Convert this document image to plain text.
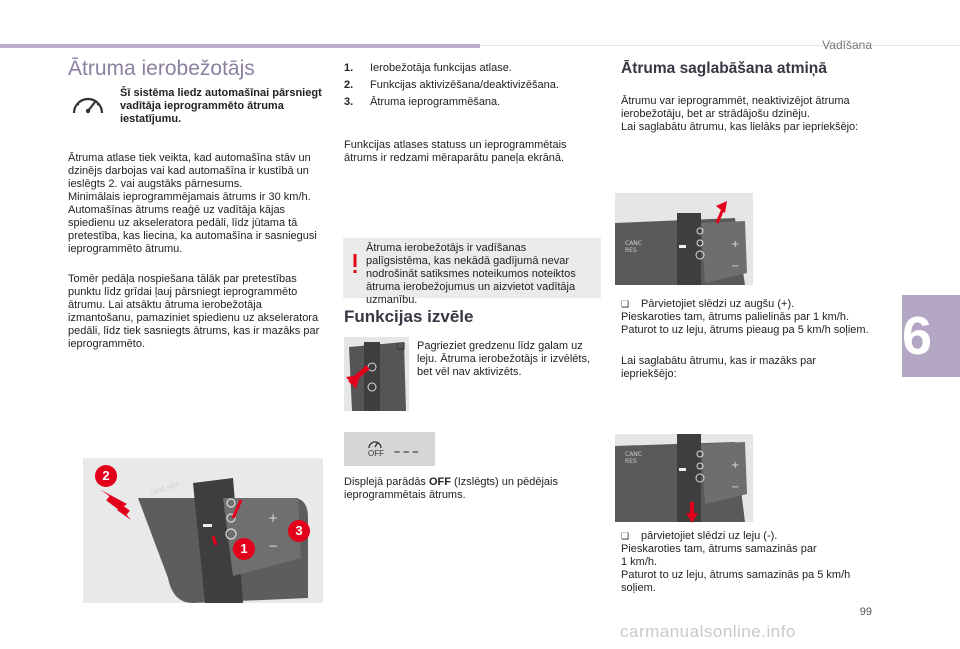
Vadīšana
6
99
carmanualsonline.info
Ātruma ierobežotājs
Šī sistēma liedz automašīnai pārsniegt vadītāja ieprogrammēto ātruma iestatījumu.
Ātruma atlase tiek veikta, kad automašīna stāv un dzinējs darbojas vai kad automašīna ir kustībā un ieslēgts 2. vai augstāks pārnesums.
Minimālais ieprogrammējamais ātrums ir 30 km/h.
Automašīnas ātrums reaģē uz vadītāja kājas spiedienu uz akseleratora pedāli, līdz jūtama tā pretestība, kas liecina, ka automašīna ir sasniegusi ieprogrammēto ātrumu.
Tomēr pedāļa nospiešana tālāk par pretestības punktu līdz grīdai ļauj pārsniegt ieprogrammēto ātrumu. Lai atsāktu ātruma ierobežotāja izmantošanu, pamaziniet spiedienu uz akseleratora pedāli, līdz tiek sasniegts ātrums, kas ir mazāks par ieprogrammēto.
+
−
2
3
1
CANC RES
1.	Ierobežotāja funkcijas atlase.
2.	Funkcijas aktivizēšana/deaktivizēšana.
3.	Ātruma ieprogrammēšana.
Funkcijas atlases statuss un ieprogrammētais ātrums ir redzami mēraparātu paneļa ekrānā.
Ātruma ierobežotājs ir vadīšanas palīgsistēma, kas nekādā gadījumā nevar nodrošināt satiksmes noteikumos noteiktos ātruma ierobežojumus un aizvietot vadītāja uzmanību.
Funkcijas izvēle
❑	Pagrieziet gredzenu līdz galam uz leju. Ātruma ierobežotājs ir izvēlēts, bet vēl nav aktivizēts.
OFF – – –
Displejā parādās OFF (Izslēgts) un pēdējais ieprogrammētais ātrums.
Ātruma saglabāšana atmiņā
Ātrumu var ieprogrammēt, neaktivizējot ātruma ierobežotāju, bet ar strādājošu dzinēju.
Lai saglabātu ātrumu, kas lielāks par iepriekšējo:
+
−
CANC
RES
❑	Pārvietojiet slēdzi uz augšu (+).
Pieskaroties tam, ātrums palielinās par 1 km/h.
Paturot to uz leju, ātrums pieaug pa 5 km/h soļiem.
Lai saglabātu ātrumu, kas ir mazāks par iepriekšējo:
+
−
CANC
RES
❑	pārvietojiet slēdzi uz leju (-).
Pieskaroties tam, ātrums samazinās par
1 km/h.
Paturot to uz leju, ātrums samazinās pa 5 km/h soļiem.
